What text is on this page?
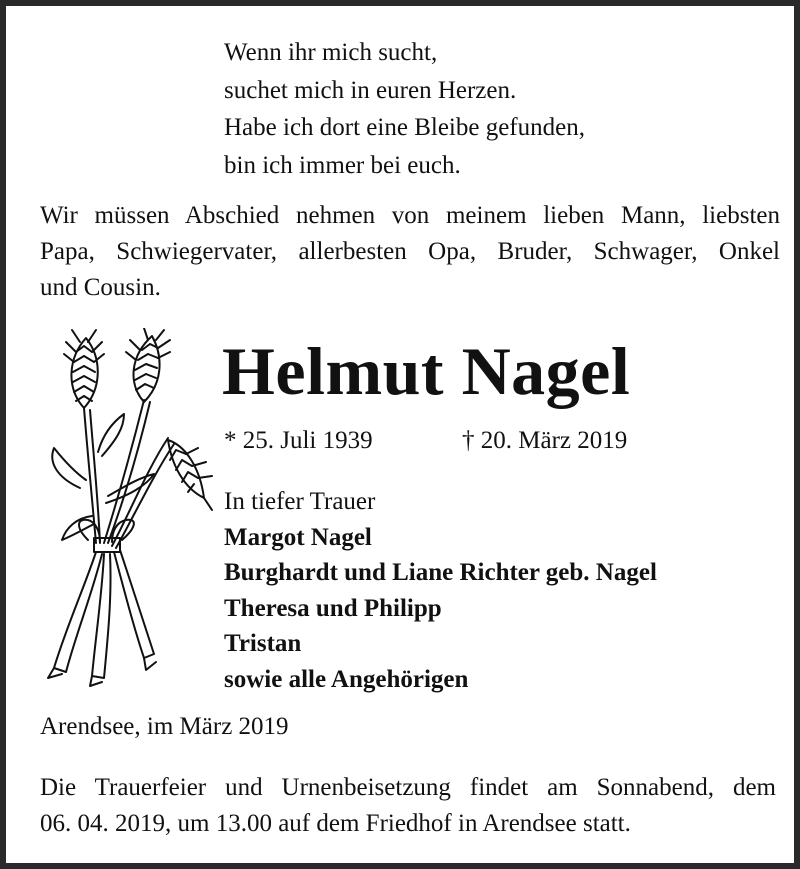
Wenn ihr mich sucht,
suchet mich in euren Herzen.
Habe ich dort eine Bleibe gefunden,
bin ich immer bei euch.
Wir müssen Abschied nehmen von meinem lieben Mann, liebsten
Papa, Schwiegervater, allerbesten Opa, Bruder, Schwager, Onkel
und Cousin.
Helmut Nagel
* 25. Juli 1939	† 20. März 2019
In tiefer Trauer
Margot Nagel
Burghardt und Liane Richter geb. Nagel
Theresa und Philipp
Tristan
sowie alle Angehörigen
Arendsee, im März 2019
Die Trauerfeier und Urnenbeisetzung findet am Sonnabend, dem
06. 04. 2019, um 13.00 auf dem Friedhof in Arendsee statt.
